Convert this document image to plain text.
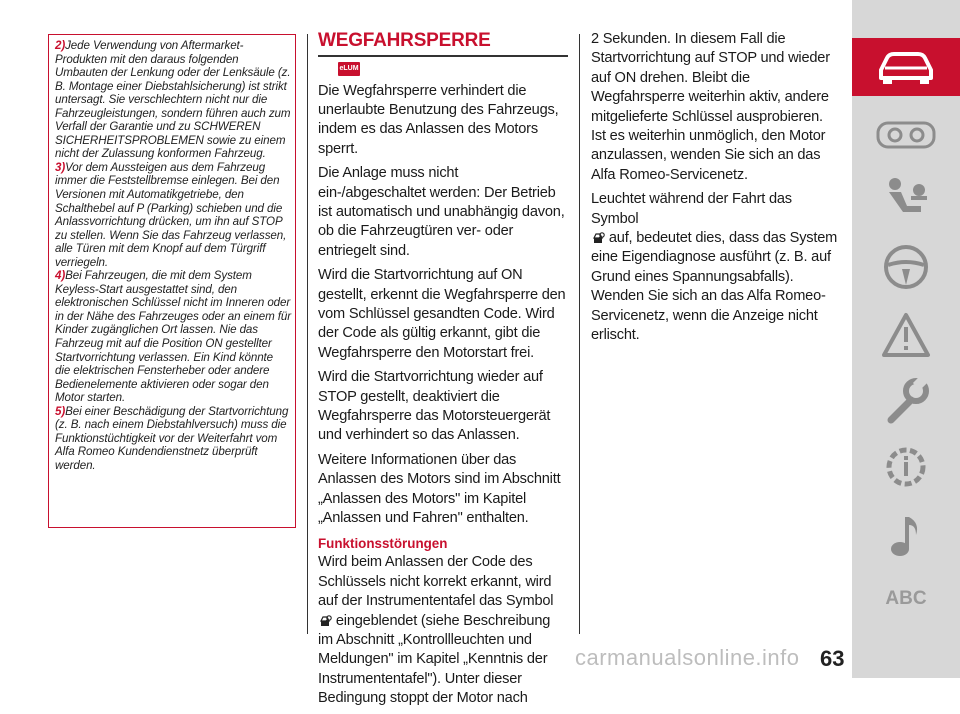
2)Jede Verwendung von Aftermarket-Produkten mit den daraus folgenden Umbauten der Lenkung oder der Lenksäule (z. B. Montage einer Diebstahlsicherung) ist strikt untersagt. Sie verschlechtern nicht nur die Fahrzeugleistungen, sondern führen auch zum Verfall der Garantie und zu SCHWEREN SICHERHEITSPROBLEMEN sowie zu einem nicht der Zulassung konformen Fahrzeug.

3)Vor dem Aussteigen aus dem Fahrzeug immer die Feststellbremse einlegen. Bei den Versionen mit Automatikgetriebe, den Schalthebel auf P (Parking) schieben und die Anlassvorrichtung drücken, um ihn auf STOP zu stellen. Wenn Sie das Fahrzeug verlassen, alle Türen mit dem Knopf auf dem Türgriff verriegeln.

4)Bei Fahrzeugen, die mit dem System Keyless-Start ausgestattet sind, den elektronischen Schlüssel nicht im Inneren oder in der Nähe des Fahrzeuges oder an einem für Kinder zugänglichen Ort lassen. Nie das Fahrzeug mit auf die Position ON gestellter Startvorrichtung verlassen. Ein Kind könnte die elektrischen Fensterheber oder andere Bedienelemente aktivieren oder sogar den Motor starten.

5)Bei einer Beschädigung der Startvorrichtung (z. B. nach einem Diebstahlversuch) muss die Funktionstüchtigkeit vor der Weiterfahrt vom Alfa Romeo Kundendienstnetz überprüft werden.

WEGFAHRSPERRE
eLUM

Die Wegfahrsperre verhindert die unerlaubte Benutzung des Fahrzeugs, indem es das Anlassen des Motors sperrt.

Die Anlage muss nicht ein-/abgeschaltet werden: Der Betrieb ist automatisch und unabhängig davon, ob die Fahrzeugtüren ver- oder entriegelt sind.

Wird die Startvorrichtung auf ON gestellt, erkennt die Wegfahrsperre den vom Schlüssel gesandten Code. Wird der Code als gültig erkannt, gibt die Wegfahrsperre den Motorstart frei.

Wird die Startvorrichtung wieder auf STOP gestellt, deaktiviert die Wegfahrsperre das Motorsteuergerät und verhindert so das Anlassen.

Weitere Informationen über das Anlassen des Motors sind im Abschnitt „Anlassen des Motors" im Kapitel „Anlassen und Fahren" enthalten.

Funktionsstörungen

Wird beim Anlassen der Code des Schlüssels nicht korrekt erkannt, wird auf der Instrumententafel das Symbol
eingeblendet (siehe Beschreibung im Abschnitt „Kontrollleuchten und Meldungen" im Kapitel „Kenntnis der Instrumententafel"). Unter dieser Bedingung stoppt der Motor nach

2 Sekunden. In diesem Fall die Startvorrichtung auf STOP und wieder auf ON drehen. Bleibt die Wegfahrsperre weiterhin aktiv, andere mitgelieferte Schlüssel ausprobieren. Ist es weiterhin unmöglich, den Motor anzulassen, wenden Sie sich an das Alfa Romeo-Servicenetz.

Leuchtet während der Fahrt das Symbol
auf, bedeutet dies, dass das System eine Eigendiagnose ausführt (z. B. auf Grund eines Spannungsabfalls). Wenden Sie sich an das Alfa Romeo-Servicenetz, wenn die Anzeige nicht erlischt.

carmanualsonline.info 63
ABC
